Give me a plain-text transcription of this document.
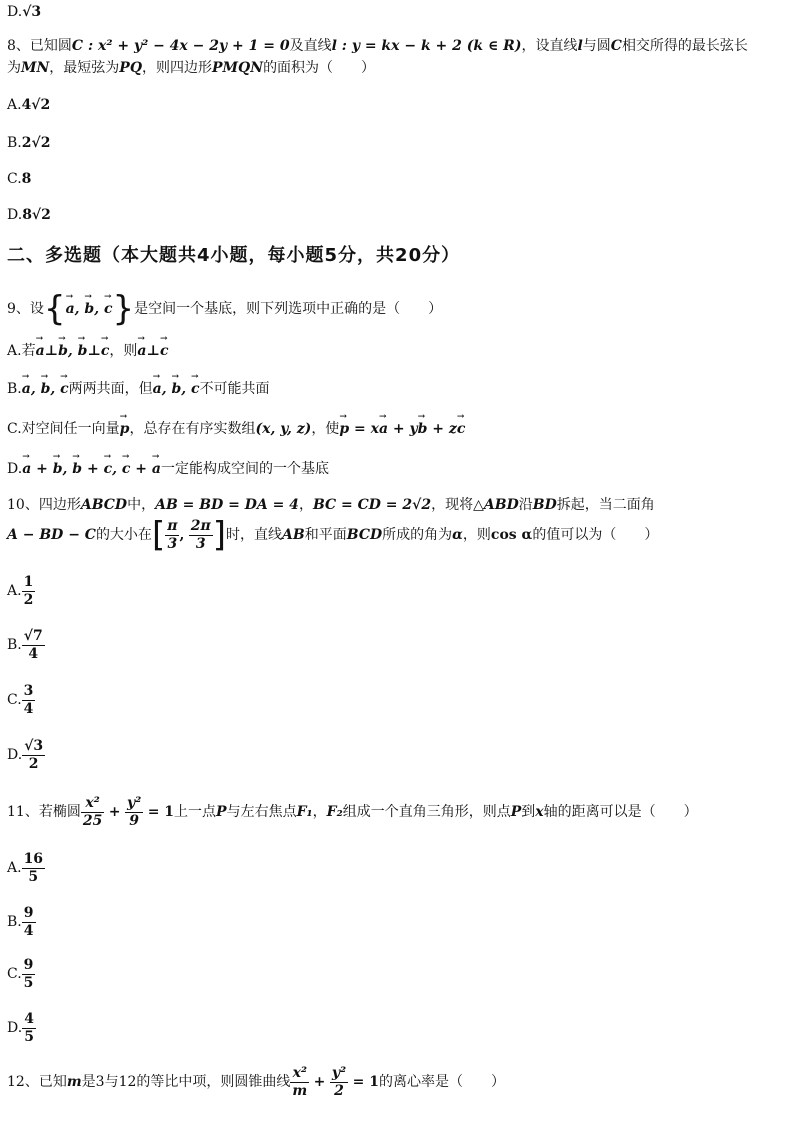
D.√3
8、已知圆C : x² + y² − 4x − 2y + 1 = 0及直线l : y = kx − k + 2 (k ∈ R)，设直线l与圆C相交所得的最长弦长
为MN，最短弦为PQ，则四边形PMQN的面积为（　　）
A.4√2
B.2√2
C.8
D.8√2
二、多选题（本大题共4小题，每小题5分，共20分）
9、设{→ a, → b, → c}是空间一个基底，则下列选项中正确的是（　　）
A.若→ a⊥→ b, → b⊥→ c，则→ a⊥→ c
B.→ a, → b, → c两两共面，但→ a, → b, → c不可能共面
C.对空间任一向量→ p，总存在有序实数组(x, y, z)，使→ p = x→ a + y→ b + z→ c
D.→ a + → b, → b + → c, → c + → a一定能构成空间的一个基底
10、四边形ABCD中，AB = BD = DA = 4，BC = CD = 2√2，现将△ABD沿BD拆起，当二面角
A − BD − C的大小在[ $\frac{\pi}{3}$ , $\frac{2\pi}{3}$ ]时，直线AB和平面BCD所成的角为α，则cos α的值可以为（　　）
A. $\frac{1}{2}$
B. $\frac{√7}{4}$
C. $\frac{3}{4}$
D. $\frac{√3}{2}$
11、若椭圆 $\frac{\text{x²}}{25} + \frac{\text{y²}}{9} = 1$上一点P与左右焦点F₁，F₂组成一个直角三角形，则点P到x轴的距离可以是（　　）
A. $\frac{16}{5}$
B. $\frac{9}{4}$
C. $\frac{9}{5}$
D. $\frac{4}{5}$
12、已知m是3与12的等比中项，则圆锥曲线 $\frac{\text{x²}}{m} + \frac{\text{y²}}{2} = 1$的离心率是（　　）
